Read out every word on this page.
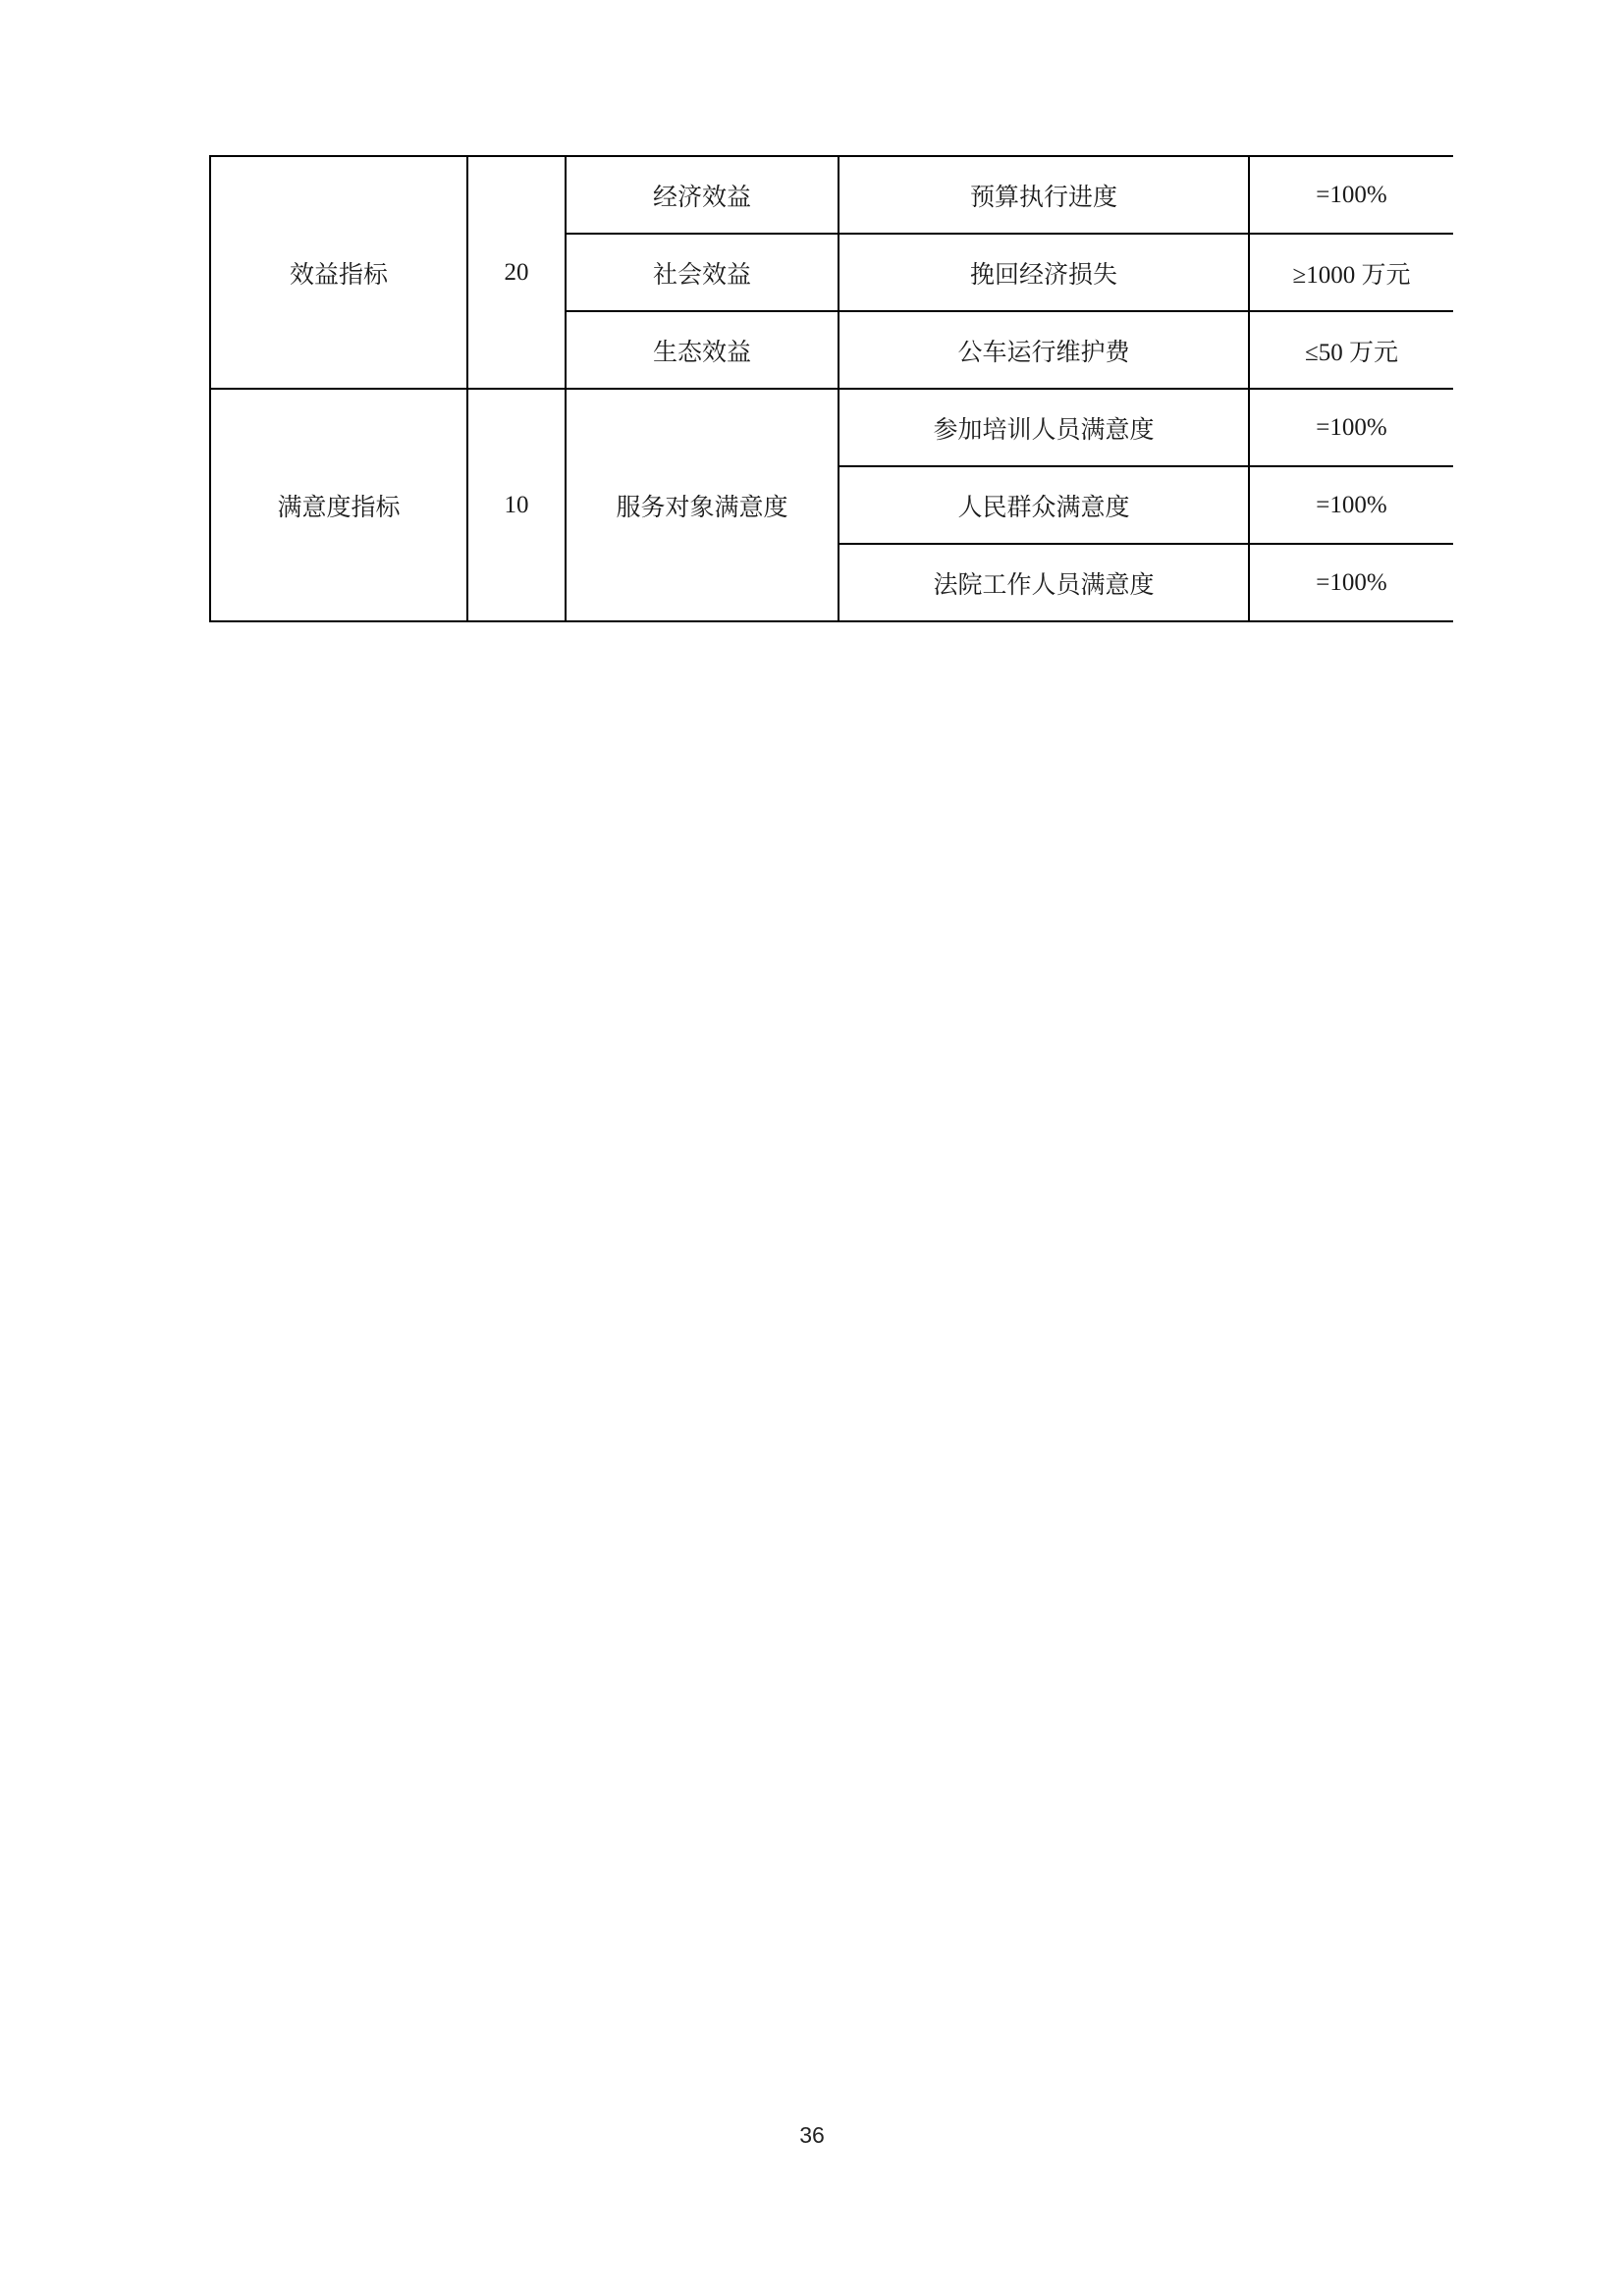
	效益指标	20	经济效益	预算执行进度	=100%
			社会效益	挽回经济损失	≥1000 万元
			生态效益	公车运行维护费	≤50 万元
	满意度指标	10	服务对象满意度	参加培训人员满意度	=100%
				人民群众满意度	=100%
				法院工作人员满意度	=100%
36
